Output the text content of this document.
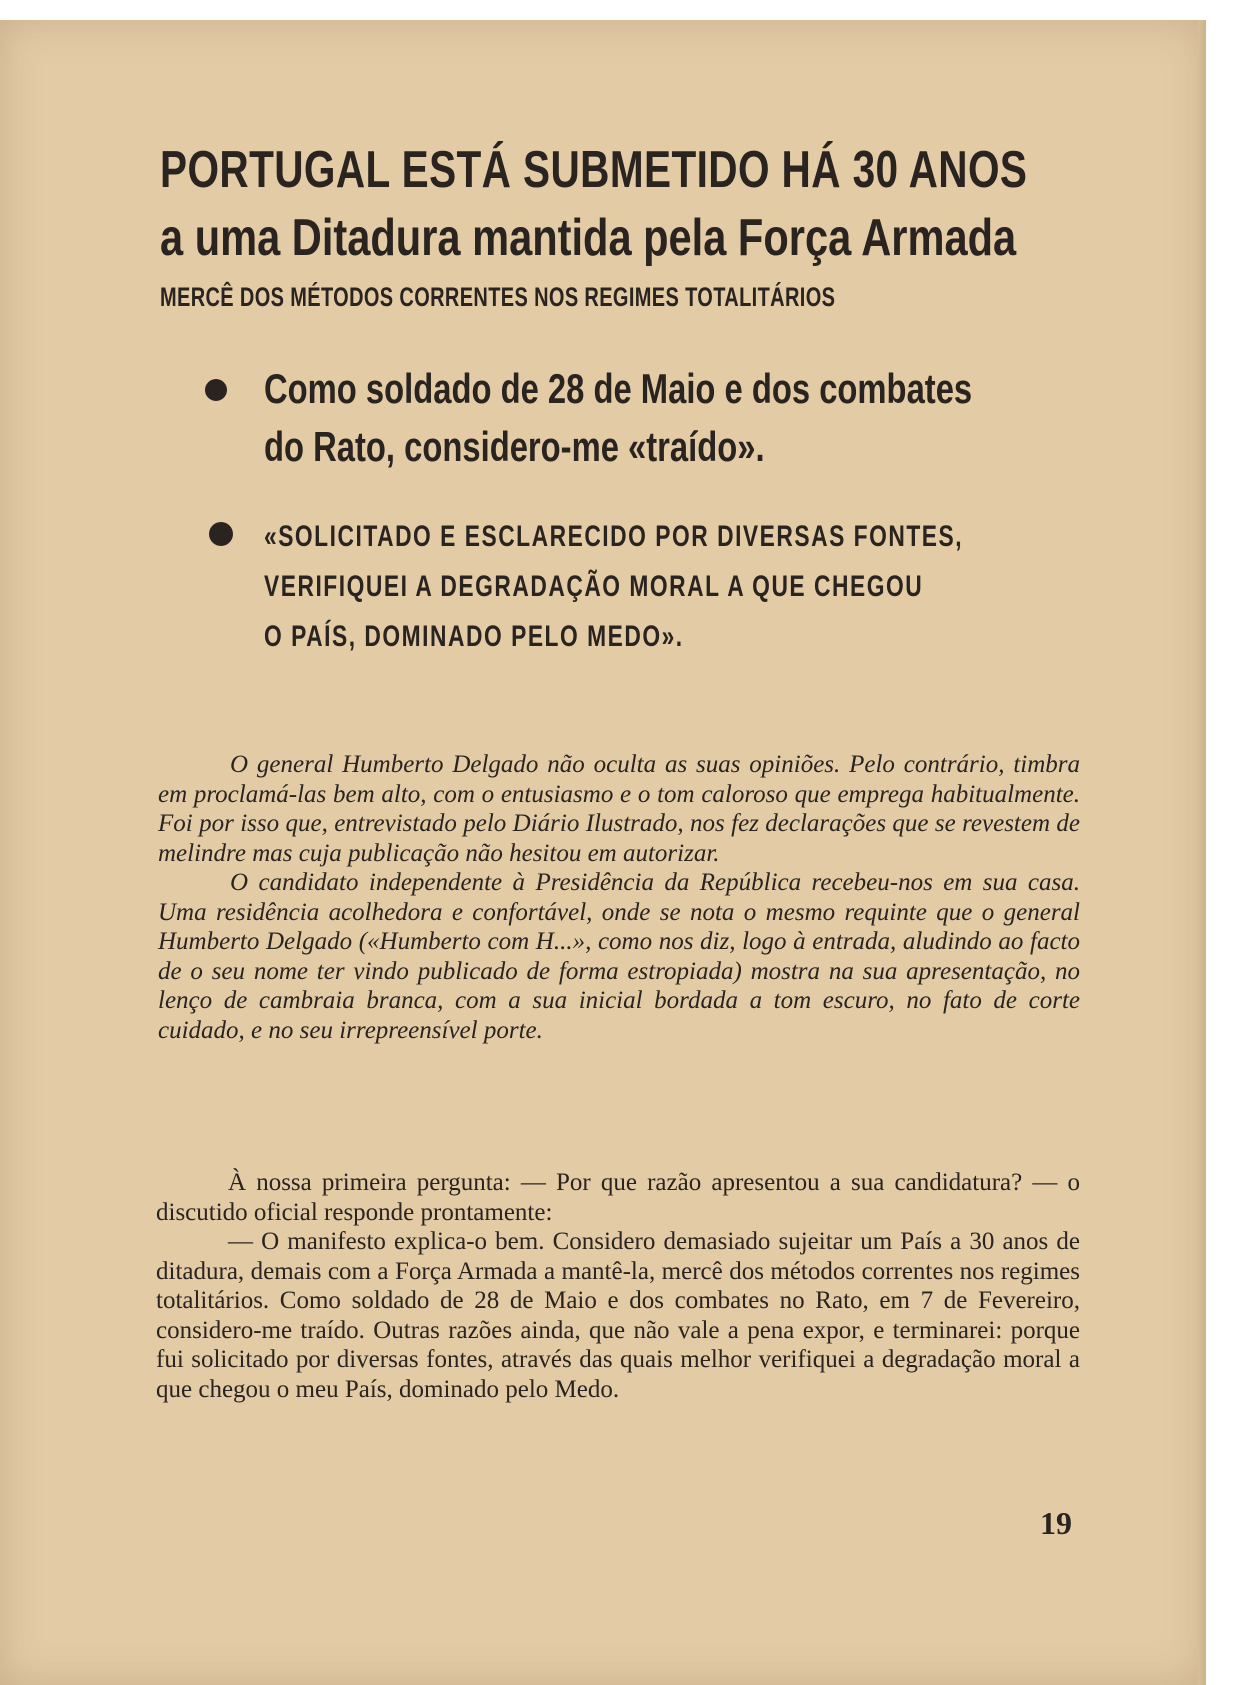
PORTUGAL ESTÁ SUBMETIDO HÁ 30 ANOS
a uma Ditadura mantida pela Força Armada
MERCÊ DOS MÉTODOS CORRENTES NOS REGIMES TOTALITÁRIOS
Como soldado de 28 de Maio e dos combates
do Rato, considero-me «traído».
«SOLICITADO E ESCLARECIDO POR DIVERSAS FONTES,
VERIFIQUEI A DEGRADAÇÃO MORAL A QUE CHEGOU
O PAÍS, DOMINADO PELO MEDO».

O general Humberto Delgado não oculta as suas opiniões. Pelo contrário, timbra em proclamá-las bem alto, com o entusiasmo e o tom caloroso que emprega habitualmente. Foi por isso que, entrevistado pelo Diário Ilustrado, nos fez declarações que se revestem de melindre mas cuja publicação não hesitou em autorizar.

O candidato independente à Presidência da República recebeu-nos em sua casa. Uma residência acolhedora e confortável, onde se nota o mesmo requinte que o general Humberto Delgado («Humberto com H...», como nos diz, logo à entrada, aludindo ao facto de o seu nome ter vindo publicado de forma estropiada) mostra na sua apresentação, no lenço de cambraia branca, com a sua inicial bordada a tom escuro, no fato de corte cuidado, e no seu irrepreensível porte.

À nossa primeira pergunta: — Por que razão apresentou a sua candidatura? — o discutido oficial responde prontamente:

— O manifesto explica-o bem. Considero demasiado sujeitar um País a 30 anos de ditadura, demais com a Força Armada a mantê-la, mercê dos métodos correntes nos regimes totalitários. Como soldado de 28 de Maio e dos combates no Rato, em 7 de Fevereiro, considero-me traído. Outras razões ainda, que não vale a pena expor, e terminarei: porque fui solicitado por diversas fontes, através das quais melhor verifiquei a degradação moral a que chegou o meu País, dominado pelo Medo.

19
